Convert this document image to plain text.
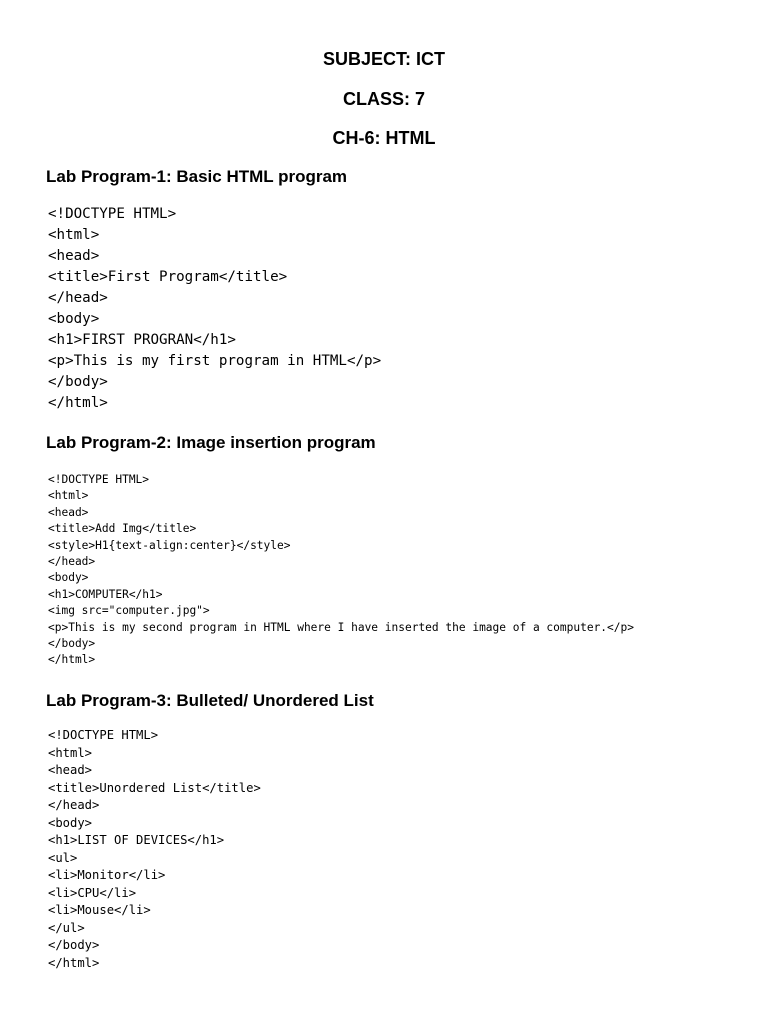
SUBJECT: ICT
CLASS: 7
CH-6: HTML
Lab Program-1: Basic HTML program
<!DOCTYPE HTML>
<html>
<head>
<title>First Program</title>
</head>
<body>
<h1>FIRST PROGRAN</h1>
<p>This is my first program in HTML</p>
</body>
</html>
Lab Program-2: Image insertion program
<!DOCTYPE HTML>
<html>
<head>
<title>Add Img</title>
<style>H1{text-align:center}</style>
</head>
<body>
<h1>COMPUTER</h1>
<img src="computer.jpg">
<p>This is my second program in HTML where I have inserted the image of a computer.</p>
</body>
</html>
Lab Program-3: Bulleted/ Unordered List
<!DOCTYPE HTML>
<html>
<head>
<title>Unordered List</title>
</head>
<body>
<h1>LIST OF DEVICES</h1>
<ul>
<li>Monitor</li>
<li>CPU</li>
<li>Mouse</li>
</ul>
</body>
</html>
